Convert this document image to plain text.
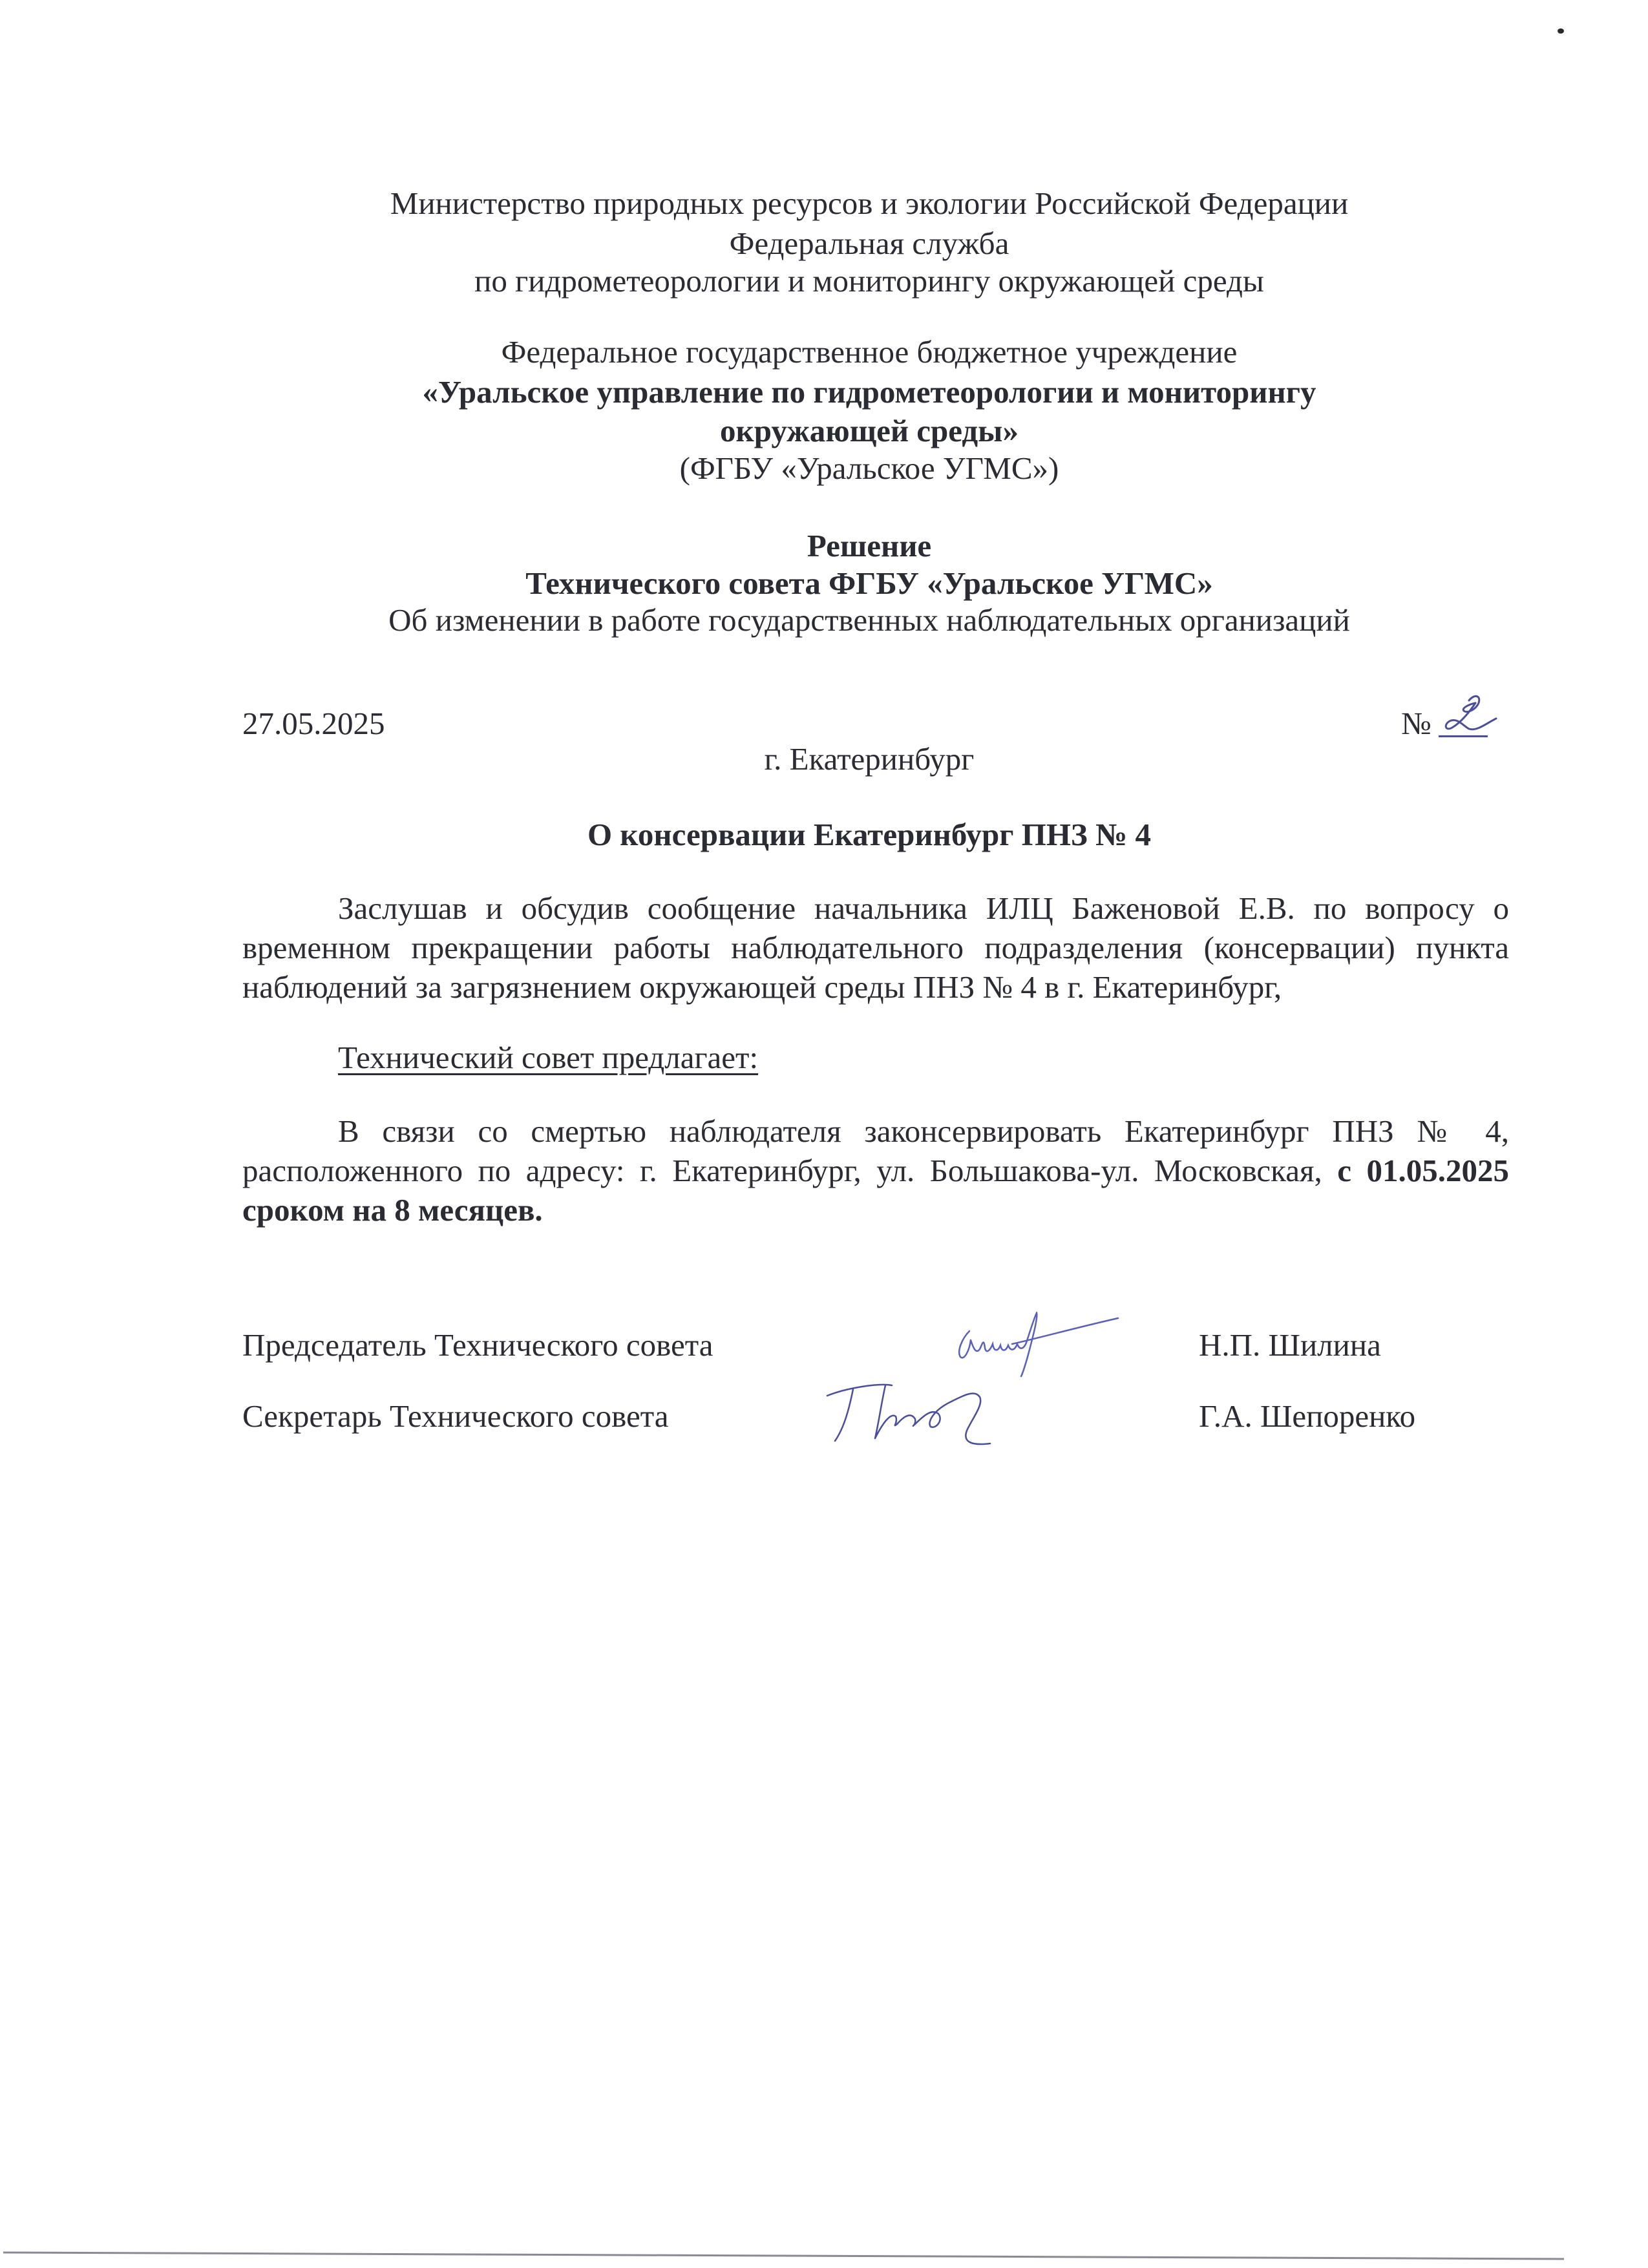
Министерство природных ресурсов и экологии Российской Федерации
Федеральная служба
по гидрометеорологии и мониторингу окружающей среды
Федеральное государственное бюджетное учреждение
«Уральское управление по гидрометеорологии и мониторингу
окружающей среды»
(ФГБУ «Уральское УГМС»)
Решение
Технического совета ФГБУ «Уральское УГМС»
Об изменении в работе государственных наблюдательных организаций
27.05.2025	№
г. Екатеринбург
О консервации Екатеринбург ПНЗ № 4
Заслушав и обсудив сообщение начальника ИЛЦ Баженовой Е.В. по вопросу о временном прекращении работы наблюдательного подразделения (консервации) пункта наблюдений за загрязнением окружающей среды ПНЗ № 4 в г. Екатеринбург,
Технический совет предлагает:
В связи со смертью наблюдателя законсервировать Екатеринбург ПНЗ № 4, расположенного по адресу: г. Екатеринбург, ул. Большакова-ул. Московская, с 01.05.2025 сроком на 8 месяцев.
Председатель Технического совета	Н.П. Шилина
Секретарь Технического совета	Г.А. Шепоренко
